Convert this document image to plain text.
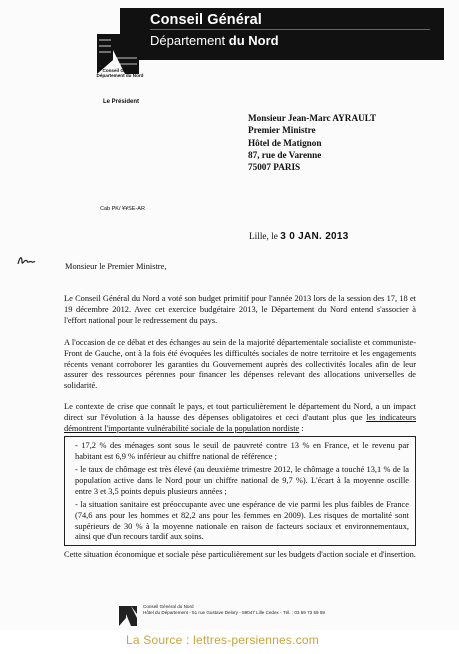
Conseil Général
Département du Nord
Conseil Général
Département du Nord
Le Président
Monsieur Jean-Marc AYRAULT
Premier Ministre
Hôtel de Matignon
87, rue de Varenne
75007 PARIS
Cab PK/ ¥¥SE-AR
Lille, le 3 0 JAN. 2013
Monsieur le Premier Ministre,
Le Conseil Général du Nord a voté son budget primitif pour l'année 2013 lors de la session des 17, 18 et 19 décembre 2012. Avec cet exercice budgétaire 2013, le Département du Nord entend s'associer à l'effort national pour le redressement du pays.
A l'occasion de ce débat et des échanges au sein de la majorité départementale socialiste et communiste-Front de Gauche, ont à la fois été évoquées les difficultés sociales de notre territoire et les engagements récents venant corroborer les garanties du Gouvernement auprès des collectivités locales afin de leur assurer des ressources pérennes pour financer les dépenses relevant des allocations universelles de solidarité.
Le contexte de crise que connaît le pays, et tout particulièrement le département du Nord, a un impact direct sur l'évolution à la hausse des dépenses obligatoires et ceci d'autant plus que les indicateurs démontrent l'importante vulnérabilité sociale de la population nordiste :
- 17,2 % des ménages sont sous le seuil de pauvreté contre 13 % en France, et le revenu par habitant est 6,9 % inférieur au chiffre national de référence ;
- le taux de chômage est très élevé (au deuxième trimestre 2012, le chômage a touché 13,1 % de la population active dans le Nord pour un chiffre national de 9,7 %). L'écart à la moyenne oscille entre 3 et 3,5 points depuis plusieurs années ;
- la situation sanitaire est préoccupante avec une espérance de vie parmi les plus faibles de France (74,6 ans pour les hommes et 82,2 ans pour les femmes en 2009). Les risques de mortalité sont supérieurs de 30 % à la moyenne nationale en raison de facteurs sociaux et environnementaux, ainsi que d'un recours tardif aux soins.
Cette situation économique et sociale pèse particulièrement sur les budgets d'action sociale et d'insertion.
Conseil Général du Nord
Hôtel du Département - 51 rue Gustave Delory - 59047 Lille Cedex - Tél. : 03 59 73 59 59
La Source : lettres-persiennes.com
